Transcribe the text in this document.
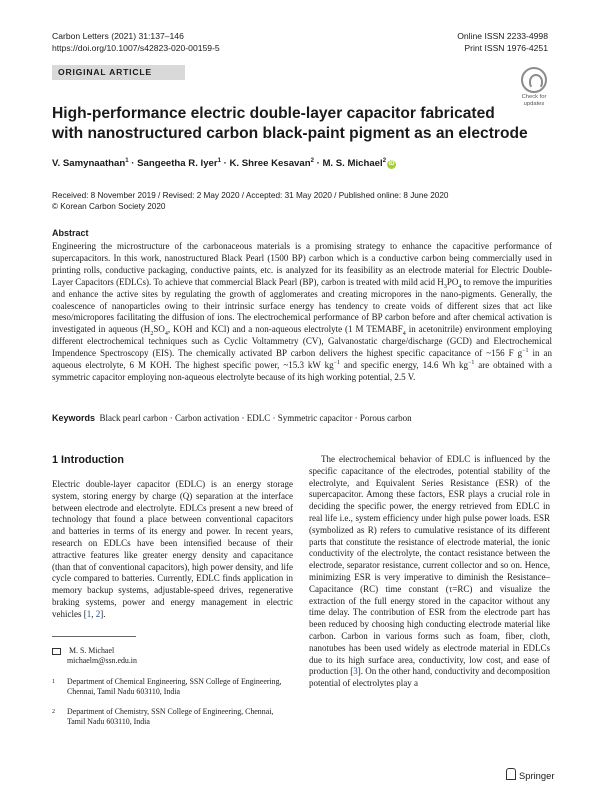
Carbon Letters (2021) 31:137–146
https://doi.org/10.1007/s42823-020-00159-5
Online ISSN 2233-4998
Print ISSN 1976-4251
ORIGINAL ARTICLE
Check for
updates
High-performance electric double-layer capacitor fabricated
with nanostructured carbon black-paint pigment as an electrode
V. Samynaathan$^1$ · Sangeetha R. Iyer$^1$ · K. Shree Kesavan$^2$ · M. S. Michael$^2$iD
Received: 8 November 2019 / Revised: 2 May 2020 / Accepted: 31 May 2020 / Published online: 8 June 2020
© Korean Carbon Society 2020
Abstract
Engineering the microstructure of the carbonaceous materials is a promising strategy to enhance the capacitive performance of supercapacitors. In this work, nanostructured Black Pearl (1500 BP) carbon which is a conductive carbon being commercially used in printing rolls, conductive packaging, conductive paints, etc. is analyzed for its feasibility as an electrode material for Electric Double-Layer Capacitors (EDLCs). To achieve that commercial Black Pearl (BP), carbon is treated with mild acid $H_3PO_4$ to remove the impurities and enhance the active sites by regulating the growth of agglomerates and creating micropores in the nano-pigments. Generally, the coalescence of nanoparticles owing to their intrinsic surface energy has tendency to create voids of different sizes that act like meso/micropores facilitating the diffusion of ions. The electrochemical performance of BP carbon before and after chemical activation is investigated in aqueous ($H_2SO_4$, KOH and KCl) and a non-aqueous electrolyte (1 M $TEMABF_4$ in acetonitrile) environment employing different electrochemical techniques such as Cyclic Voltammetry (CV), Galvanostatic charge/discharge (GCD) and Electrochemical Impendence Spectroscopy (EIS). The chemically activated BP carbon delivers the highest specific capacitance of ~156 F $g^{-1}$ in an aqueous electrolyte, 6 M KOH. The highest specific power, ~15.3 kW $kg^{-1}$ and specific energy, 14.6 Wh $kg^{-1}$ are obtained with a symmetric capacitor employing non-aqueous electrolyte because of its high working potential, 2.5 V.
Keywords Black pearl carbon · Carbon activation · EDLC · Symmetric capacitor · Porous carbon
1 Introduction

Electric double-layer capacitor (EDLC) is an energy storage system, storing energy by charge (Q) separation at the interface between electrode and electrolyte. EDLCs present a new breed of technology that found a place between conventional capacitors and batteries in terms of its energy and power. In recent years, research on EDLCs have been intensified because of their attractive features like greater energy density and capacitance (than that of conventional capacitors), high power density, and life cycle compared to batteries. Currently, EDLC finds application in memory backup systems, adjustable-speed drives, regenerative braking systems, power and energy management in electric vehicles [1, 2].

The electrochemical behavior of EDLC is influenced by the specific capacitance of the electrodes, potential stability of the electrolyte, and Equivalent Series Resistance (ESR) of the supercapacitor. Among these factors, ESR plays a crucial role in deciding the specific power, the energy retrieved from EDLC in real life i.e., system efficiency under high pulse power loads. ESR (symbolized as R) refers to cumulative resistance of its different parts that constitute the resistance of electrode material, the ionic conductivity of the electrolyte, the contact resistance between the electrode, separator resistance, current collector and so on. Hence, minimizing ESR is very imperative to diminish the Resistance–Capacitance (RC) time constant (τ=RC) and visualize the extraction of the full energy stored in the capacitor without any time delay. The contribution of ESR from the electrode part has been reduced by choosing high conducting electrode material like carbon. Carbon in various forms such as foam, fiber, cloth, nanotubes has been used widely as electrode material in EDLCs due to its high surface area, conductivity, low cost, and ease of production [3]. On the other hand, conductivity and decomposition potential of electrolytes play a

M. S. Michael
michaelm@ssn.edu.in
1 Department of Chemical Engineering, SSN College of Engineering, Chennai, Tamil Nadu 603110, India
2 Department of Chemistry, SSN College of Engineering, Chennai, Tamil Nadu 603110, India
Springer
